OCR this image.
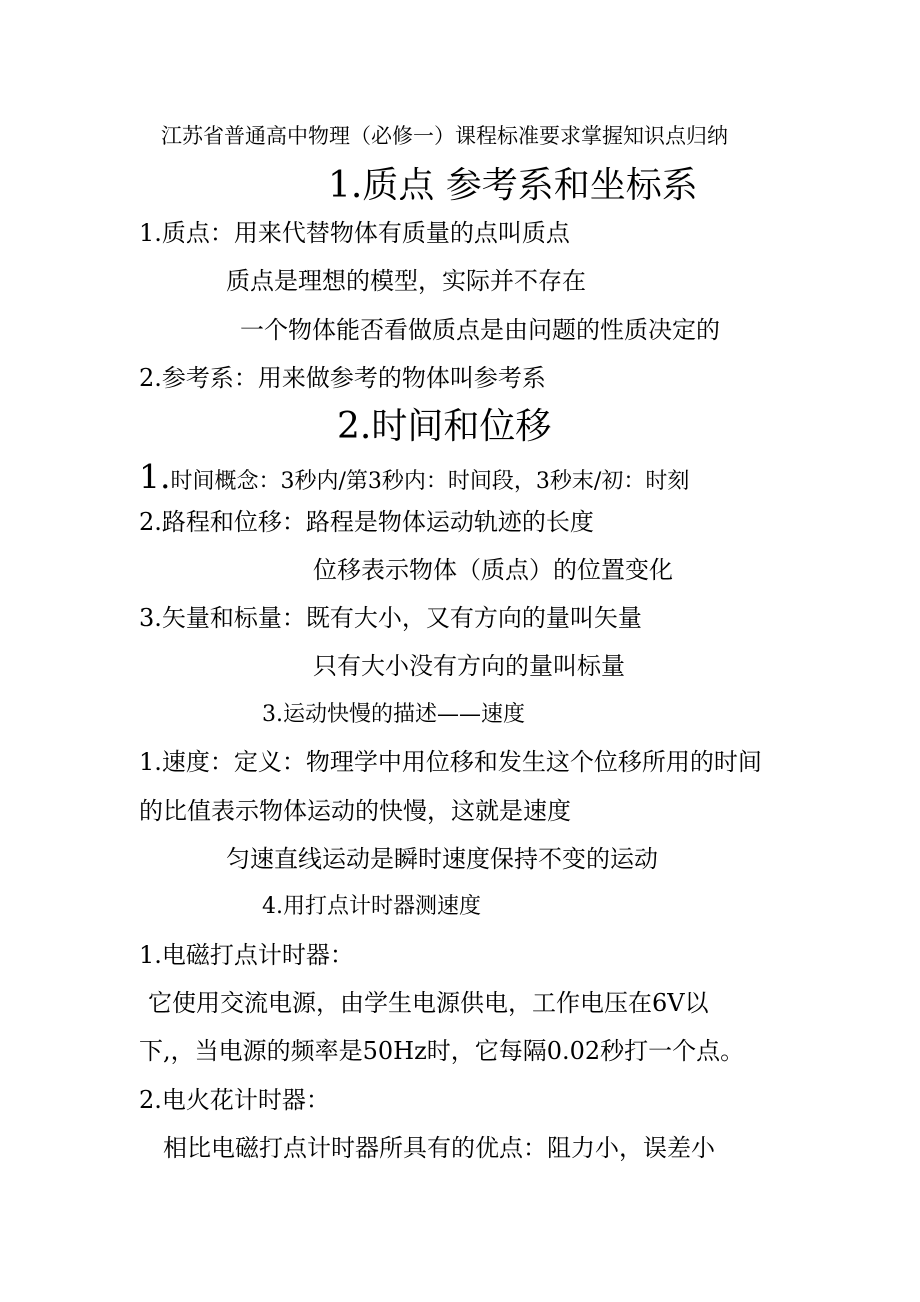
江苏省普通高中物理（必修一）课程标准要求掌握知识点归纳
1.质点 参考系和坐标系
1.质点：用来代替物体有质量的点叫质点
质点是理想的模型，实际并不存在
一个物体能否看做质点是由问题的性质决定的
2.参考系：用来做参考的物体叫参考系
2.时间和位移
1.时间概念：3秒内/第3秒内：时间段，3秒末/初：时刻
2.路程和位移：路程是物体运动轨迹的长度
位移表示物体（质点）的位置变化
3.矢量和标量：既有大小，又有方向的量叫矢量
只有大小没有方向的量叫标量
3.运动快慢的描述——速度
1.速度：定义：物理学中用位移和发生这个位移所用的时间
的比值表示物体运动的快慢，这就是速度
匀速直线运动是瞬时速度保持不变的运动
4.用打点计时器测速度
1.电磁打点计时器：
它使用交流电源，由学生电源供电，工作电压在6V以
下,，当电源的频率是50Hz时，它每隔0.02秒打一个点。
2.电火花计时器：
相比电磁打点计时器所具有的优点：阻力小，误差小
